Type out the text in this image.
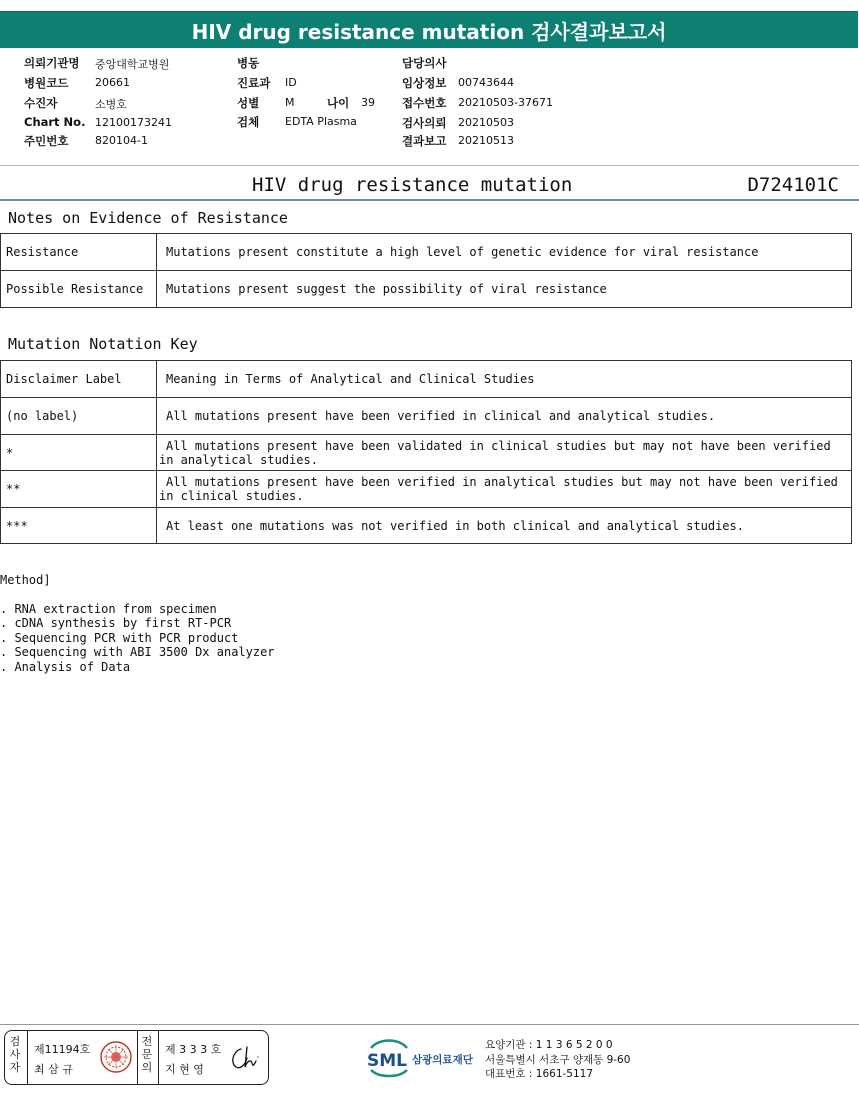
HIV drug resistance mutation 검사결과보고서
의뢰기관명 중앙대학교병원
병원코드 20661
수진자	소병호
Chart No. 12100173241
주민번호 820104-1
병동
진료과 ID
성별 M	나이 39
검체 EDTA Plasma
담당의사
임상정보 00743644
접수번호 20210503-37671
검사의뢰 20210503
결과보고 20210513
HIV drug resistance mutation	D724101C
Notes on Evidence of Resistance
Resistance	Mutations present constitute a high level of genetic evidence for viral resistance
Possible Resistance	Mutations present suggest the possibility of viral resistance
Mutation Notation Key
Disclaimer Label	Meaning in Terms of Analytical and Clinical Studies
(no label)	All mutations present have been verified in clinical and analytical studies.
*	All mutations present have been validated in clinical studies but may not have been verified
in analytical studies.

**	All mutations present have been verified in analytical studies but may not have been verified
in clinical studies.

***	At least one mutations was not verified in both clinical and analytical studies.
Method]
. RNA extraction from specimen
. cDNA synthesis by first RT-PCR
. Sequencing PCR with PCR product
. Sequencing with ABI 3500 Dx analyzer
. Analysis of Data
검
사
자
제11194호
최 삼 규
전
문
의
제 3 3 3 호
지 현 영	SML 삼광의료재단
요양기관 : 1 1 3 6 5 2 0 0
서울특별시 서초구 양재동 9-60
대표번호 : 1661-5117
